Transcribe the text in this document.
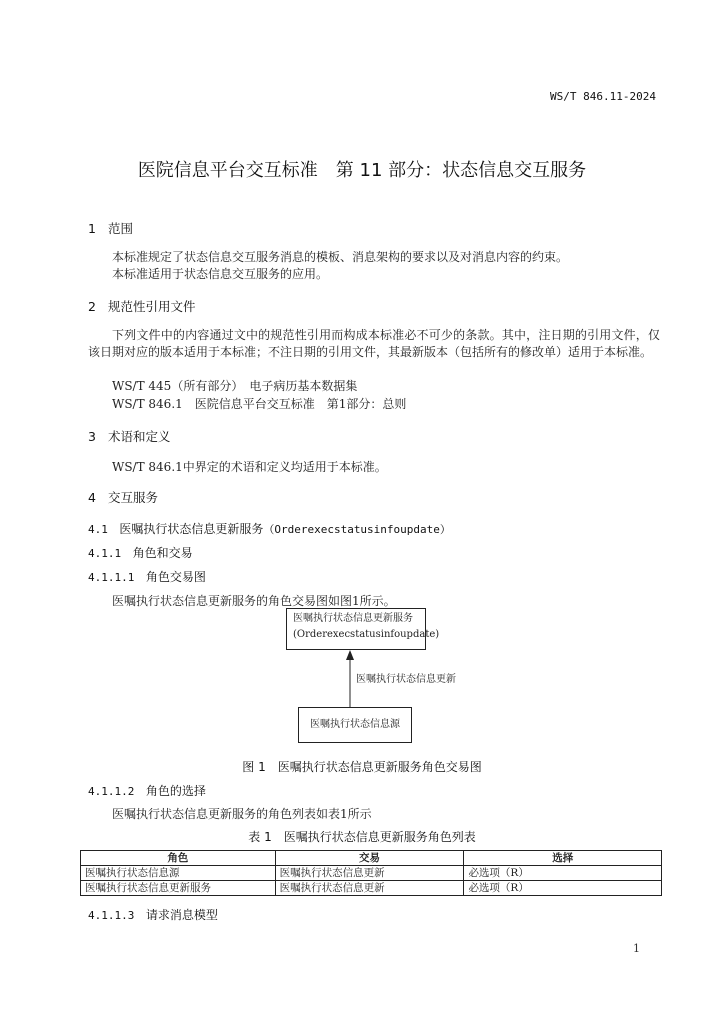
WS/T 846.11-2024
医院信息平台交互标准　第 11 部分：状态信息交互服务
1 范围
本标准规定了状态信息交互服务消息的模板、消息架构的要求以及对消息内容的约束。
本标准适用于状态信息交互服务的应用。
2 规范性引用文件
下列文件中的内容通过文中的规范性引用而构成本标准必不可少的条款。其中，注日期的引用文件，仅该日期对应的版本适用于本标准；不注日期的引用文件，其最新版本（包括所有的修改单）适用于本标准。
WS/T 445（所有部分）　电子病历基本数据集
WS/T 846.1　医院信息平台交互标准　第1部分：总则
3 术语和定义
WS/T 846.1中界定的术语和定义均适用于本标准。
4 交互服务
4.1 医嘱执行状态信息更新服务（Orderexecstatusinfoupdate）
4.1.1 角色和交易
4.1.1.1 角色交易图
医嘱执行状态信息更新服务的角色交易图如图1所示。
医嘱执行状态信息更新服务
(Orderexecstatusinfoupdate)
医嘱执行状态信息更新
医嘱执行状态信息源
图 1　医嘱执行状态信息更新服务角色交易图
4.1.1.2 角色的选择
医嘱执行状态信息更新服务的角色列表如表1所示
表 1　医嘱执行状态信息更新服务角色列表
角色	交易	选择
医嘱执行状态信息源	医嘱执行状态信息更新	必选项（R）
医嘱执行状态信息更新服务	医嘱执行状态信息更新	必选项（R）
4.1.1.3 请求消息模型
1
